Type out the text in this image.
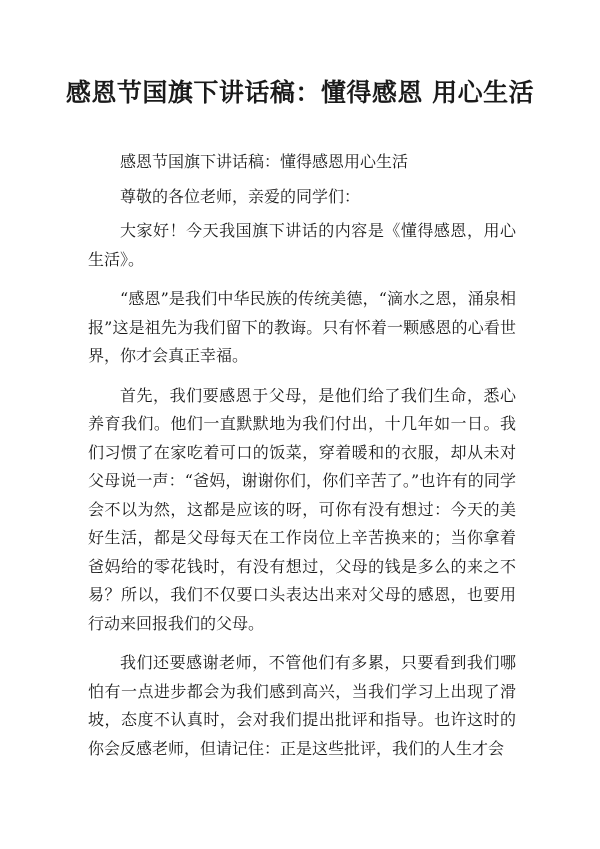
感恩节国旗下讲话稿：懂得感恩 用心生活

感恩节国旗下讲话稿：懂得感恩用心生活

尊敬的各位老师，亲爱的同学们：

大家好！今天我国旗下讲话的内容是《懂得感恩，用心生活》。

“感恩”是我们中华民族的传统美德，“滴水之恩，涌泉相报”这是祖先为我们留下的教诲。只有怀着一颗感恩的心看世界，你才会真正幸福。

首先，我们要感恩于父母，是他们给了我们生命，悉心养育我们。他们一直默默地为我们付出，十几年如一日。我们习惯了在家吃着可口的饭菜，穿着暖和的衣服，却从未对父母说一声：“爸妈，谢谢你们，你们辛苦了。”也许有的同学会不以为然，这都是应该的呀，可你有没有想过：今天的美好生活，都是父母每天在工作岗位上辛苦换来的；当你拿着爸妈给的零花钱时，有没有想过，父母的钱是多么的来之不易？所以，我们不仅要口头表达出来对父母的感恩，也要用行动来回报我们的父母。

我们还要感谢老师，不管他们有多累，只要看到我们哪怕有一点进步都会为我们感到高兴，当我们学习上出现了滑坡，态度不认真时，会对我们提出批评和指导。也许这时的你会反感老师，但请记住：正是这些批评，我们的人生才会
